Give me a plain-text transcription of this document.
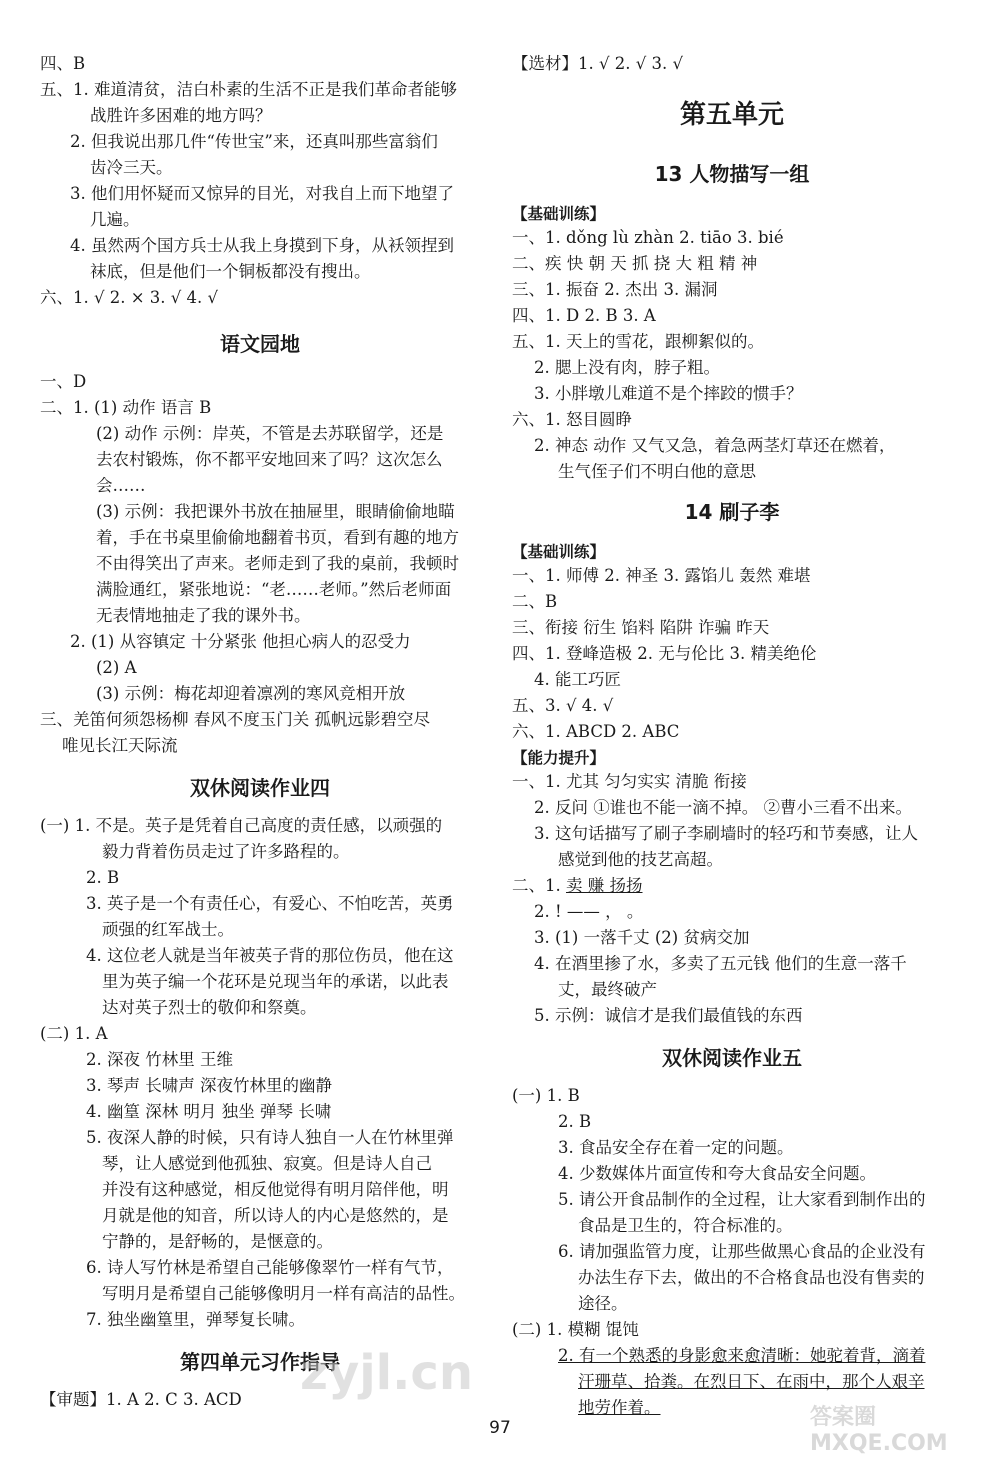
四、B
五、1. 难道清贫，洁白朴素的生活不正是我们革命者能够
战胜许多困难的地方吗？
2. 但我说出那几件“传世宝”来，还真叫那些富翁们
齿冷三天。
3. 他们用怀疑而又惊异的目光，对我自上而下地望了
几遍。
4. 虽然两个国方兵士从我上身摸到下身，从袄领捏到
袜底，但是他们一个铜板都没有搜出。
六、1. √ 2. × 3. √ 4. √
语文园地
一、D
二、1. (1) 动作 语言 B
(2) 动作 示例：岸英，不管是去苏联留学，还是
去农村锻炼，你不都平安地回来了吗？这次怎么
会……
(3) 示例：我把课外书放在抽屉里，眼睛偷偷地瞄
着，手在书桌里偷偷地翻着书页，看到有趣的地方
不由得笑出了声来。老师走到了我的桌前，我顿时
满脸通红，紧张地说：“老……老师。”然后老师面
无表情地抽走了我的课外书。
2. (1) 从容镇定 十分紧张 他担心病人的忍受力
(2) A
(3) 示例：梅花却迎着凛冽的寒风竞相开放
三、羌笛何须怨杨柳 春风不度玉门关 孤帆远影碧空尽
唯见长江天际流
双休阅读作业四
(一) 1. 不是。英子是凭着自己高度的责任感，以顽强的
毅力背着伤员走过了许多路程的。
2. B
3. 英子是一个有责任心，有爱心、不怕吃苦，英勇
顽强的红军战士。
4. 这位老人就是当年被英子背的那位伤员，他在这
里为英子编一个花环是兑现当年的承诺，以此表
达对英子烈士的敬仰和祭奠。
(二) 1. A
2. 深夜 竹林里 王维
3. 琴声 长啸声 深夜竹林里的幽静
4. 幽篁 深林 明月 独坐 弹琴 长啸
5. 夜深人静的时候，只有诗人独自一人在竹林里弹
琴，让人感觉到他孤独、寂寞。但是诗人自己
并没有这种感觉，相反他觉得有明月陪伴他，明
月就是他的知音，所以诗人的内心是悠然的，是
宁静的，是舒畅的，是惬意的。
6. 诗人写竹林是希望自己能够像翠竹一样有气节，
写明月是希望自己能够像明月一样有高洁的品性。
7. 独坐幽篁里，弹琴复长啸。
第四单元习作指导
【审题】1. A 2. C 3. ACD
【选材】1. √ 2. √ 3. √
第五单元
13 人物描写一组
【基础训练】
一、1. dǒng lù zhàn 2. tiāo 3. bié
二、疾 快 朝 天 抓 挠 大 粗 精 神
三、1. 振奋 2. 杰出 3. 漏洞
四、1. D 2. B 3. A
五、1. 天上的雪花，跟柳絮似的。
2. 腮上没有肉，脖子粗。
3. 小胖墩儿难道不是个摔跤的惯手？
六、1. 怒目圆睁
2. 神态 动作 又气又急，着急两茎灯草还在燃着，
生气侄子们不明白他的意思
14 刷子李
【基础训练】
一、1. 师傅 2. 神圣 3. 露馅儿 轰然 难堪
二、B
三、衔接 衍生 馅料 陷阱 诈骗 昨天
四、1. 登峰造极 2. 无与伦比 3. 精美绝伦
4. 能工巧匠
五、3. √ 4. √
六、1. ABCD 2. ABC
【能力提升】
一、1. 尤其 匀匀实实 清脆 衔接
2. 反问 ①谁也不能一滴不掉。 ②曹小三看不出来。
3. 这句话描写了刷子李刷墙时的轻巧和节奏感，让人
感觉到他的技艺高超。
二、1. 卖 赚 扬扬
2. ! —— ， 。
3. (1) 一落千丈 (2) 贫病交加
4. 在酒里掺了水，多卖了五元钱 他们的生意一落千
丈，最终破产
5. 示例：诚信才是我们最值钱的东西
双休阅读作业五
(一) 1. B
2. B
3. 食品安全存在着一定的问题。
4. 少数媒体片面宣传和夸大食品安全问题。
5. 请公开食品制作的全过程，让大家看到制作出的
食品是卫生的，符合标准的。
6. 请加强监管力度，让那些做黑心食品的企业没有
办法生存下去，做出的不合格食品也没有售卖的
途径。
(二) 1. 模糊 馄饨
2. 有一个熟悉的身影愈来愈清晰：她驼着背，滴着
汗珊草、拾粪。在烈日下、在雨中，那个人艰辛
地劳作着。
97
zyjl.cn
答案圈 MXQE.COM
